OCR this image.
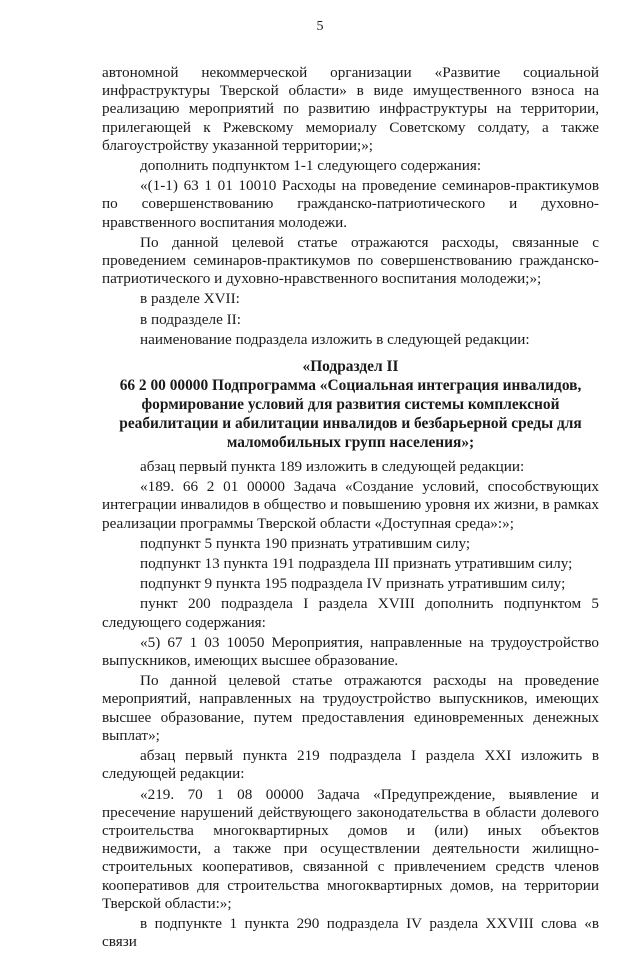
5

автономной некоммерческой организации «Развитие социальной инфраструктуры Тверской области» в виде имущественного взноса на реализацию мероприятий по развитию инфраструктуры на территории, прилегающей к Ржевскому мемориалу Советскому солдату, а также благоустройству указанной территории;»;

дополнить подпунктом 1-1 следующего содержания:

«(1-1) 63 1 01 10010 Расходы на проведение семинаров-практикумов по совершенствованию гражданско-патриотического и духовно-нравственного воспитания молодежи.

По данной целевой статье отражаются расходы, связанные с проведением семинаров-практикумов по совершенствованию гражданско-патриотического и духовно-нравственного воспитания молодежи;»;

в разделе XVII:

в подразделе II:

наименование подраздела изложить в следующей редакции:

«Подраздел II
66 2 00 00000 Подпрограмма «Социальная интеграция инвалидов, формирование условий для развития системы комплексной реабилитации и абилитации инвалидов и безбарьерной среды для маломобильных групп населения»;

абзац первый пункта 189 изложить в следующей редакции:

«189. 66 2 01 00000 Задача «Создание условий, способствующих интеграции инвалидов в общество и повышению уровня их жизни, в рамках реализации программы Тверской области «Доступная среда»:»;

подпункт 5 пункта 190 признать утратившим силу;

подпункт 13 пункта 191 подраздела III признать утратившим силу;

подпункт 9 пункта 195 подраздела IV признать утратившим силу;

пункт 200 подраздела I раздела XVIII дополнить подпунктом 5 следующего содержания:

«5) 67 1 03 10050 Мероприятия, направленные на трудоустройство выпускников, имеющих высшее образование.

По данной целевой статье отражаются расходы на проведение мероприятий, направленных на трудоустройство выпускников, имеющих высшее образование, путем предоставления единовременных денежных выплат»;

абзац первый пункта 219 подраздела I раздела XXI изложить в следующей редакции:

«219. 70 1 08 00000 Задача «Предупреждение, выявление и пресечение нарушений действующего законодательства в области долевого строительства многоквартирных домов и (или) иных объектов недвижимости, а также при осуществлении деятельности жилищно-строительных кооперативов, связанной с привлечением средств членов кооперативов для строительства многоквартирных домов, на территории Тверской области:»;

в подпункте 1 пункта 290 подраздела IV раздела XXVIII слова «в связи
